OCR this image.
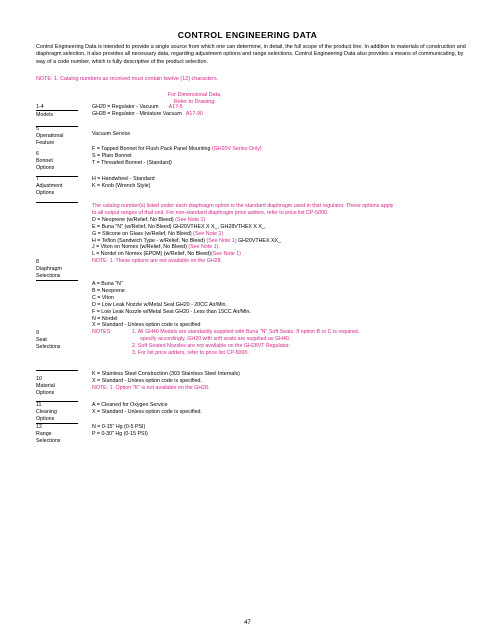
CONTROL ENGINEERING DATA
Control Engineering Data is intended to provide a single source from which one can determine, in detail, the full scope of the product line. In addition to materials of construction and diaphragm selection, it also provides all necessary data, regarding adjustment options and range selections. Control Engineering Data also provides a means of communicating, by way of a code number, which is fully descriptive of the product selection.
NOTE: 1. Catalog numbers as received must contain twelve (12) characters.
For Dimensional Data,
Refer to Drawing:
1-4
Models
GH20 = Regulator - Vacuum A17-5
GH28 = Regulator - Miniature Vacuum A17-90
5
Operational
Feature
Vacuum Service
6
Bonnet
Options
F = Tapped Bonnet for Flush Pack Panel Mounting (GH20V Series Only)
S = Plain Bonnet
T = Threaded Bonnet - (Standard)
7
Adjustment
Options
H = Handwheel - Standard
K = Knob (Wrench Style)
8
Diaphragm
Selections
The catalog number(s) listed under each diaphragm option is the standard diaphragm used in that regulator. These options apply
to all output ranges of that unit. For non-standard diaphragm price adders, refer to price list CP-5000.
D = Neoprene (w/Relief, No Bleed) (See Note 1)
E = Buna "N" (w/Relief, No Bleed) GH20VTHEX X X_, GH28VTHEX X X_.
G = Silicone on Glass (w/Relief, No Bleed) (See Note 1)
H = Teflon (Sandwich Type - w/Relief, No Bleed) (See Note 1) GH20VTHEX XX_
J = Viton on Nomex (w/Relief, No Bleed) (See Note 1)
L = Nordel on Nomex (EPDM) (w/Relief, No Bleed)(See Note 1)
NOTE: 1. These options are not available on the GH28.
9
Seat
Selections
A = Buna "N"
B = Neoprene
C = Viton
D = Low Leak Nozzle w/Metal Seat GH20 - 20CC Air/Min.
F = Low Leak Nozzle w/Metal Seat GH20 - Less than 15CC Air/Min.
N = Nordel
X = Standard - Unless option code is specified
NOTES:	1. All GH40 Models are standardly supplied with Buna "N" Soft Seats. If option B or C is required,
specify accordingly. GH20 with soft seats are supplied as GH40.
2. Soft Seated Nozzles are not available on the GH28VT Regulator.
3. For list price adders, refer to price list CP-5000.
10
Material
Options
K = Stainless Steel Construction (303 Stainless Steel Internals)
X = Standard - Unless option code is specified.
NOTE: 1. Option "K" is not available on the GH28.
11
Cleaning
Options
A = Cleaned for Oxygen Service
X = Standard - Unless option code is specified.
12
Range
Selections
N = 0-15" Hg (0-5 PSI)
P = 0-30" Hg (0-15 PSI)
47
